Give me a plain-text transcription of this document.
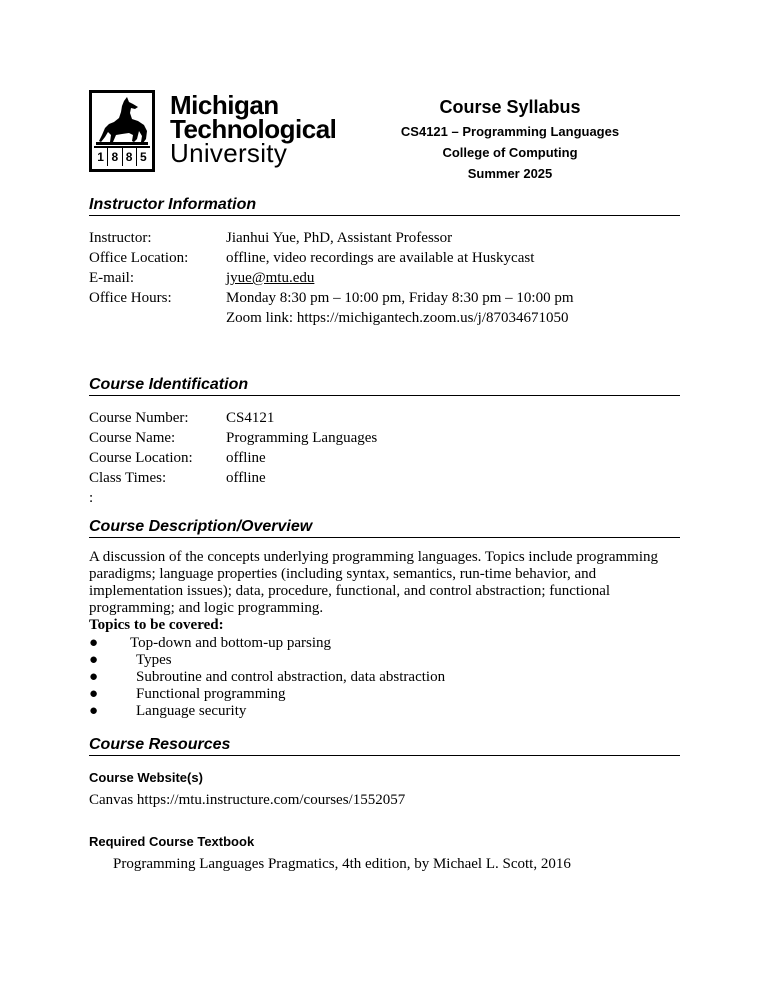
1 8 8 5
Michigan
Technological
University
Course Syllabus
CS4121 – Programming Languages
College of Computing
Summer 2025
Instructor Information
Instructor:	Jianhui Yue, PhD, Assistant Professor
Office Location:	offline, video recordings are available at Huskycast
E-mail:	jyue@mtu.edu
Office Hours:	Monday 8:30 pm – 10:00 pm, Friday 8:30 pm – 10:00 pm
Zoom link: https://michigantech.zoom.us/j/87034671050
Course Identification
Course Number: CS4121
Course Name:	Programming Languages
Course Location: offline
Class Times:	offline
:
Course Description/Overview
A discussion of the concepts underlying programming languages. Topics include programming paradigms; language properties (including syntax, semantics, run-time behavior, and implementation issues); data, procedure, functional, and control abstraction; functional programming; and logic programming.
Topics to be covered:
● Top-down and bottom-up parsing
●	Types
●	Subroutine and control abstraction, data abstraction
●	Functional programming
●	Language security
Course Resources
Course Website(s)
Canvas https://mtu.instructure.com/courses/1552057
Required Course Textbook
Programming Languages Pragmatics, 4th edition, by Michael L. Scott, 2016
